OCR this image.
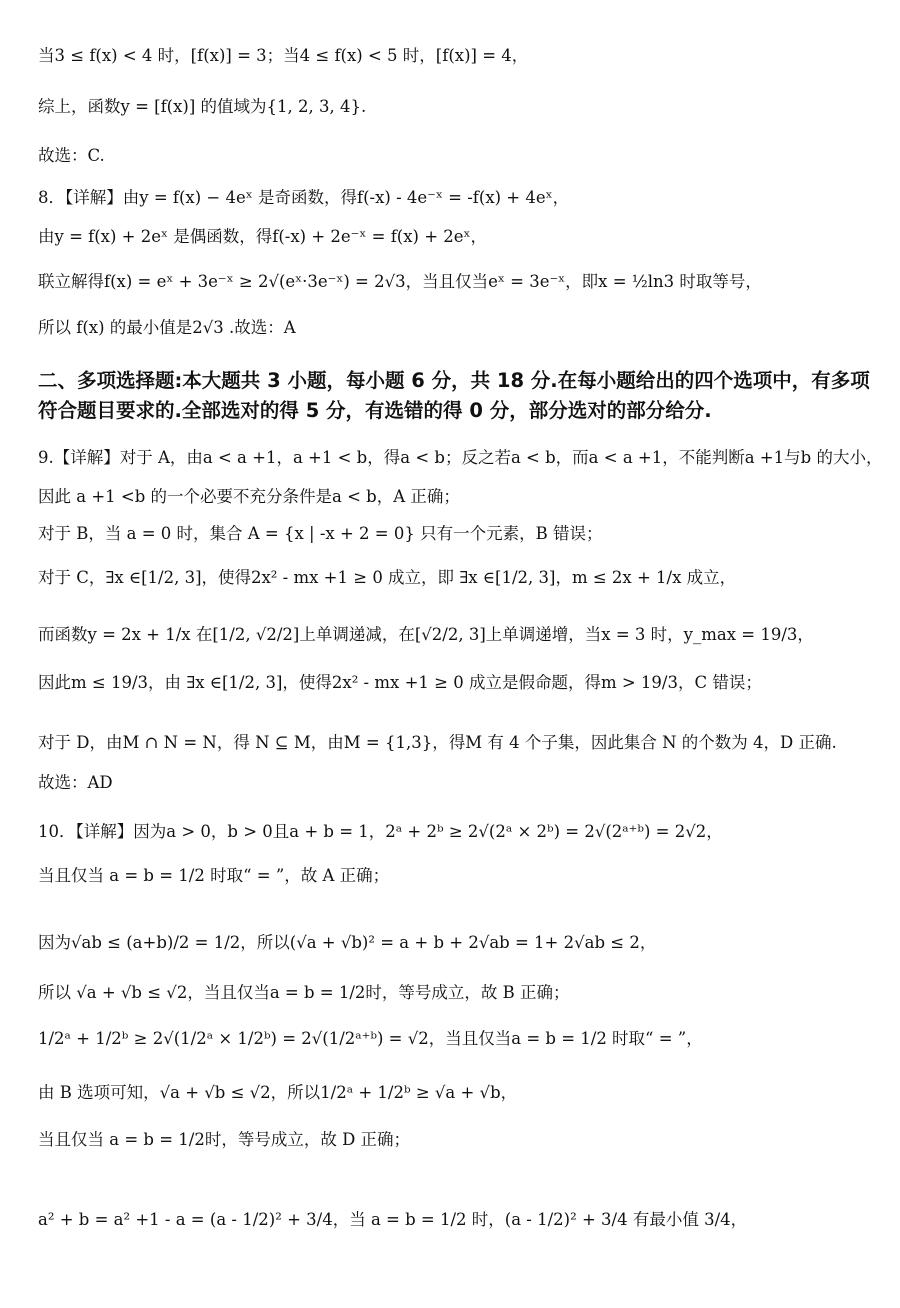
当3 ≤ f(x) < 4 时，[f(x)] = 3；当4 ≤ f(x) < 5 时，[f(x)] = 4，
综上，函数y = [f(x)] 的值域为{1, 2, 3, 4}.
故选：C.
8．【详解】由y = f(x) − 4eˣ 是奇函数，得f(-x) - 4e⁻ˣ = -f(x) + 4eˣ，
由y = f(x) + 2eˣ 是偶函数，得f(-x) + 2e⁻ˣ = f(x) + 2eˣ，
联立解得f(x) = eˣ + 3e⁻ˣ ≥ 2√(eˣ·3e⁻ˣ) = 2√3，当且仅当eˣ = 3e⁻ˣ，即x = ½ln3 时取等号，
所以 f(x) 的最小值是2√3 .故选：A
二、多项选择题:本大题共 3 小题，每小题 6 分，共 18 分.在每小题给出的四个选项中，有多项符合题目要求的.全部选对的得 5 分，有选错的得 0 分，部分选对的部分给分.
9.【详解】对于 A，由a < a +1，a +1 < b，得a < b；反之若a < b，而a < a +1，不能判断a +1与b 的大小，
因此 a +1 <b 的一个必要不充分条件是a < b，A 正确；
对于 B，当 a = 0 时，集合 A = {x | -x + 2 = 0} 只有一个元素，B 错误；
对于 C，∃x ∈[1/2, 3]，使得2x² - mx +1 ≥ 0 成立，即 ∃x ∈[1/2, 3]，m ≤ 2x + 1/x 成立，
而函数y = 2x + 1/x 在[1/2, √2/2]上单调递减，在[√2/2, 3]上单调递增，当x = 3 时，y_max = 19/3，
因此m ≤ 19/3，由 ∃x ∈[1/2, 3]，使得2x² - mx +1 ≥ 0 成立是假命题，得m > 19/3，C 错误；
对于 D，由M ∩ N = N，得 N ⊆ M，由M = {1,3}，得M 有 4 个子集，因此集合 N 的个数为 4，D 正确.
故选：AD
10．【详解】因为a > 0，b > 0且a + b = 1，2ᵃ + 2ᵇ ≥ 2√(2ᵃ × 2ᵇ) = 2√(2ᵃ⁺ᵇ) = 2√2，
当且仅当 a = b = 1/2 时取“ = ”，故 A 正确；
因为√ab ≤ (a+b)/2 = 1/2，所以(√a + √b)² = a + b + 2√ab = 1+ 2√ab ≤ 2，
所以 √a + √b ≤ √2，当且仅当a = b = 1/2时，等号成立，故 B 正确；
1/2ᵃ + 1/2ᵇ ≥ 2√(1/2ᵃ × 1/2ᵇ) = 2√(1/2ᵃ⁺ᵇ) = √2，当且仅当a = b = 1/2 时取“ = ”，
由 B 选项可知，√a + √b ≤ √2，所以1/2ᵃ + 1/2ᵇ ≥ √a + √b，
当且仅当 a = b = 1/2时，等号成立，故 D 正确；
a² + b = a² +1 - a = (a - 1/2)² + 3/4，当 a = b = 1/2 时，(a - 1/2)² + 3/4 有最小值 3/4，
